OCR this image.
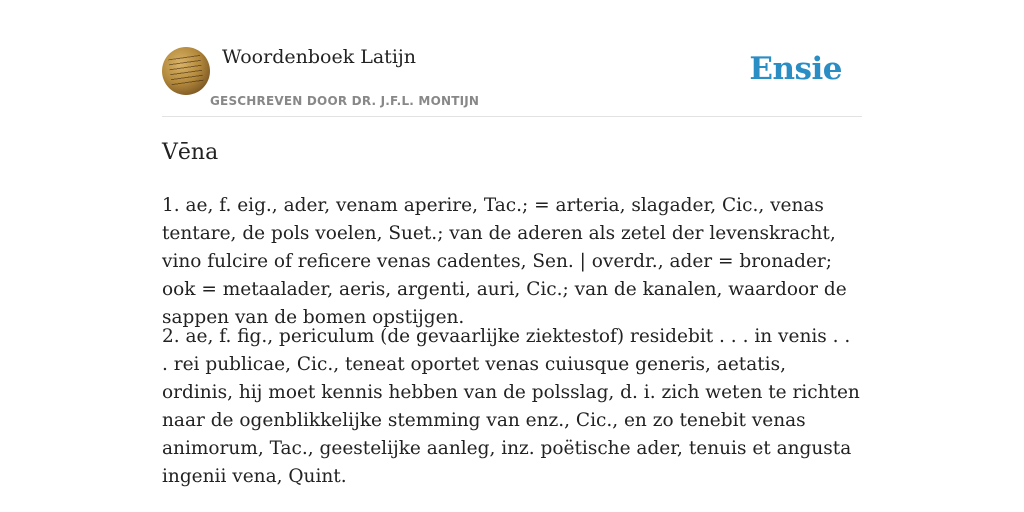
Woordenboek Latijn
GESCHREVEN DOOR DR. J.F.L. MONTIJN
Ensie
Vēna

1. ae, f. eig., ader, venam aperire, Tac.; = arteria, slagader, Cic., venas tentare, de pols voelen, Suet.; van de aderen als zetel der levenskracht, vino fulcire of reficere venas cadentes, Sen. | overdr., ader = bronader; ook = metaalader, aeris, argenti, auri, Cic.; van de kanalen, waardoor de sappen van de bomen opstijgen.

2. ae, f. fig., periculum (de gevaarlijke ziektestof) residebit . . . in venis . . . rei publicae, Cic., teneat oportet venas cuiusque generis, aetatis, ordinis, hij moet kennis hebben van de polsslag, d. i. zich weten te richten naar de ogenblikkelijke stemming van enz., Cic., en zo tenebit venas animorum, Tac., geestelijke aanleg, inz. poëtische ader, tenuis et angusta ingenii vena, Quint.
